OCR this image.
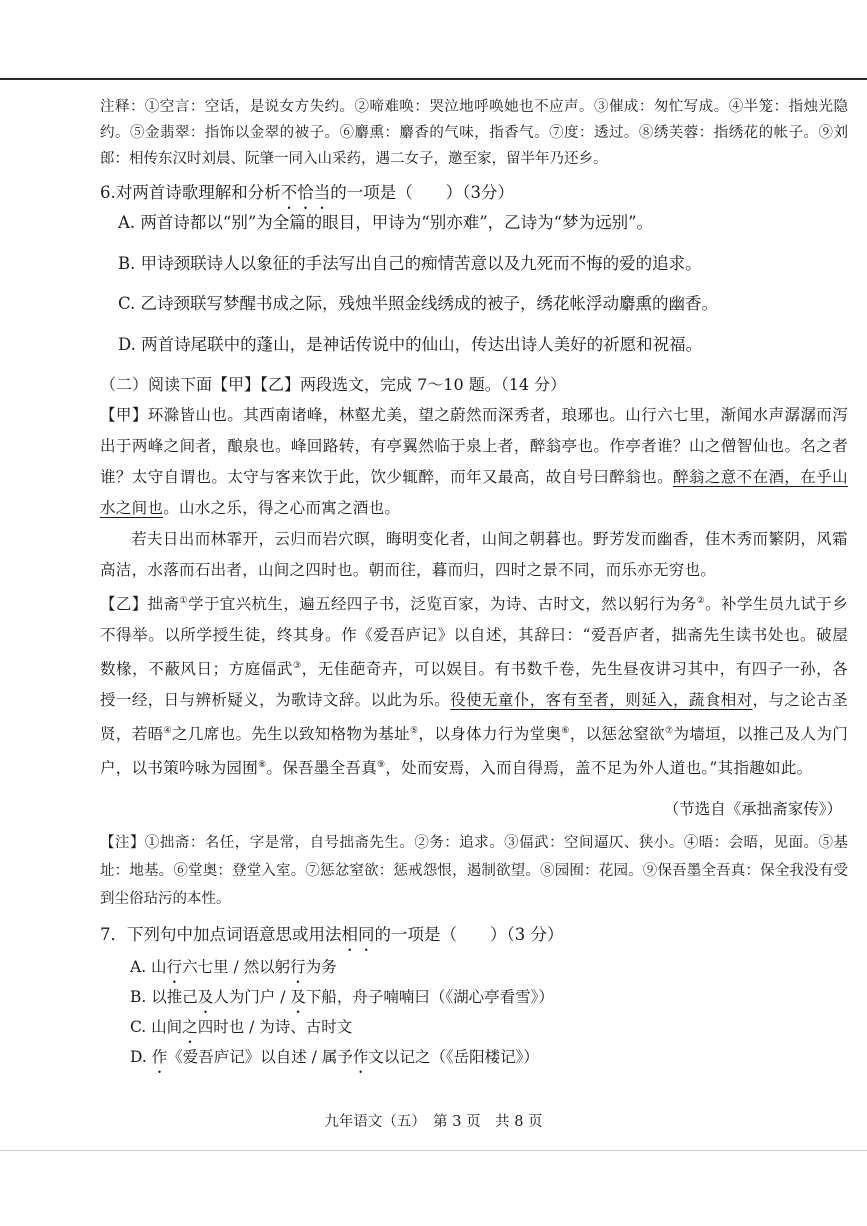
注释：①空言：空话，是说女方失约。②啼难唤：哭泣地呼唤她也不应声。③催成：匆忙写成。④半笼：指烛光隐约。⑤金翡翠：指饰以金翠的被子。⑥麝熏：麝香的气味，指香气。⑦度：透过。⑧绣芙蓉：指绣花的帐子。⑨刘郎：相传东汉时刘晨、阮肇一同入山采药，遇二女子，邀至家，留半年乃还乡。

6.对两首诗歌理解和分析不恰当的一项是（　　）（3分）

A. 两首诗都以“别”为全篇的眼目，甲诗为“别亦难”，乙诗为“梦为远别”。

B. 甲诗颈联诗人以象征的手法写出自己的痴情苦意以及九死而不悔的爱的追求。

C. 乙诗颈联写梦醒书成之际，残烛半照金线绣成的被子，绣花帐浮动麝熏的幽香。

D. 两首诗尾联中的蓬山，是神话传说中的仙山，传达出诗人美好的祈愿和祝福。

（二）阅读下面【甲】【乙】两段选文，完成 7～10 题。（14 分）

【甲】环滁皆山也。其西南诸峰，林壑尤美，望之蔚然而深秀者，琅琊也。山行六七里，渐闻水声潺潺而泻出于两峰之间者，酿泉也。峰回路转，有亭翼然临于泉上者，醉翁亭也。作亭者谁？山之僧智仙也。名之者谁？太守自谓也。太守与客来饮于此，饮少辄醉，而年又最高，故自号曰醉翁也。醉翁之意不在酒，在乎山水之间也。山水之乐，得之心而寓之酒也。

若夫日出而林霏开，云归而岩穴暝，晦明变化者，山间之朝暮也。野芳发而幽香，佳木秀而繁阴，风霜高洁，水落而石出者，山间之四时也。朝而往，暮而归，四时之景不同，而乐亦无穷也。

【乙】拙斋①学于宜兴杭生，遍五经四子书，泛览百家，为诗、古时文，然以躬行为务②。补学生员九试于乡不得举。以所学授生徒，终其身。作《爱吾庐记》以自述，其辞曰：“爱吾庐者，拙斋先生读书处也。破屋数椽，不蔽风日；方庭偪武③，无佳葩奇卉，可以娱目。有书数千卷，先生昼夜讲习其中，有四子一孙，各授一经，日与辨析疑义，为歌诗文辞。以此为乐。役使无童仆，客有至者，则延入，蔬食相对，与之论古圣贤，若晤④之几席也。先生以致知格物为基址⑤，以身体力行为堂奥⑥，以惩忿窒欲⑦为墙垣，以推己及人为门户，以书策吟咏为园囿⑧。保吾墨全吾真⑨，处而安焉，入而自得焉，盖不足为外人道也。”其指趣如此。

（节选自《承拙斋家传》）

【注】①拙斋：名任，字是常，自号拙斋先生。②务：追求。③偪武：空间逼仄、狭小。④晤：会晤，见面。⑤基址：地基。⑥堂奥：登堂入室。⑦惩忿窒欲：惩戒怨恨，遏制欲望。⑧园囿：花园。⑨保吾墨全吾真：保全我没有受到尘俗玷污的本性。

7．下列句中加点词语意思或用法相同的一项是（　　）（3 分）

A. 山行六七里 / 然以躬行为务

B. 以推己及人为门户 / 及下船，舟子喃喃曰（《湖心亭看雪》）

C. 山间之四时也 / 为诗、古时文

D. 作《爱吾庐记》以自述 / 属予作文以记之（《岳阳楼记》）

九年语文（五）　第 3 页　共 8 页
